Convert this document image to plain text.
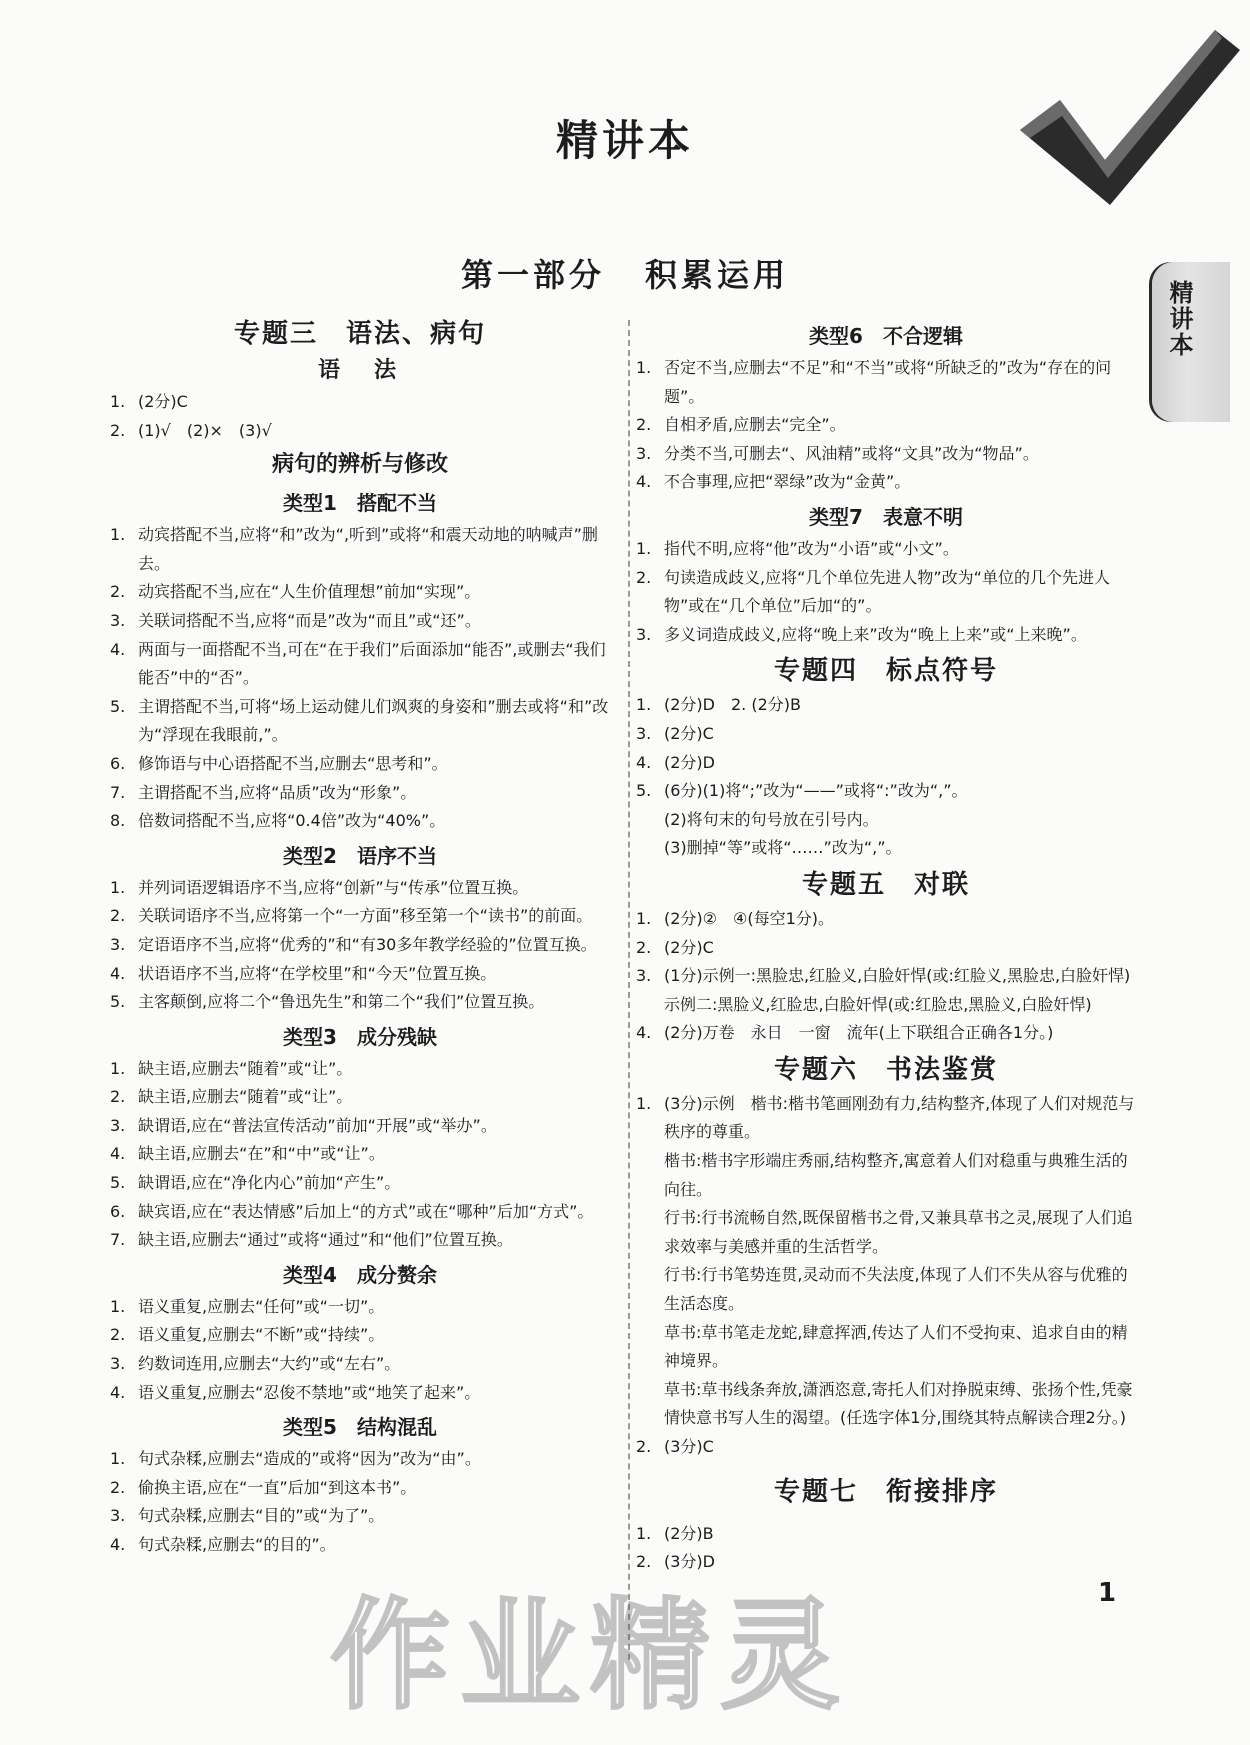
精讲本
第一部分 积累运用
精讲本
专题三　语法、病句
语　法
1. (2分)C
2. (1)√　(2)×　(3)√
病句的辨析与修改
类型1　搭配不当
1. 动宾搭配不当,应将“和”改为“,听到”或将“和震天动地的呐喊声”删去。
2. 动宾搭配不当,应在“人生价值理想”前加“实现”。
3. 关联词搭配不当,应将“而是”改为“而且”或“还”。
4. 两面与一面搭配不当,可在“在于我们”后面添加“能否”,或删去“我们能否”中的“否”。
5. 主谓搭配不当,可将“场上运动健儿们飒爽的身姿和”删去或将“和”改为“浮现在我眼前,”。
6. 修饰语与中心语搭配不当,应删去“思考和”。
7. 主谓搭配不当,应将“品质”改为“形象”。
8. 倍数词搭配不当,应将“0.4倍”改为“40%”。
类型2　语序不当
1. 并列词语逻辑语序不当,应将“创新”与“传承”位置互换。
2. 关联词语序不当,应将第一个“一方面”移至第一个“读书”的前面。
3. 定语语序不当,应将“优秀的”和“有30多年教学经验的”位置互换。
4. 状语语序不当,应将“在学校里”和“今天”位置互换。
5. 主客颠倒,应将二个“鲁迅先生”和第二个“我们”位置互换。
类型3　成分残缺
1. 缺主语,应删去“随着”或“让”。
2. 缺主语,应删去“随着”或“让”。
3. 缺谓语,应在“普法宣传活动”前加“开展”或“举办”。
4. 缺主语,应删去“在”和“中”或“让”。
5. 缺谓语,应在“净化内心”前加“产生”。
6. 缺宾语,应在“表达情感”后加上“的方式”或在“哪种”后加“方式”。
7. 缺主语,应删去“通过”或将“通过”和“他们”位置互换。
类型4　成分赘余
1. 语义重复,应删去“任何”或“一切”。
2. 语义重复,应删去“不断”或“持续”。
3. 约数词连用,应删去“大约”或“左右”。
4. 语义重复,应删去“忍俊不禁地”或“地笑了起来”。
类型5　结构混乱
1. 句式杂糅,应删去“造成的”或将“因为”改为“由”。
2. 偷换主语,应在“一直”后加“到这本书”。
3. 句式杂糅,应删去“目的”或“为了”。
4. 句式杂糅,应删去“的目的”。
类型6　不合逻辑
1. 否定不当,应删去“不足”和“不当”或将“所缺乏的”改为“存在的问题”。
2. 自相矛盾,应删去“完全”。
3. 分类不当,可删去“、风油精”或将“文具”改为“物品”。
4. 不合事理,应把“翠绿”改为“金黄”。
类型7　表意不明
1. 指代不明,应将“他”改为“小语”或“小文”。
2. 句读造成歧义,应将“几个单位先进人物”改为“单位的几个先进人物”或在“几个单位”后加“的”。
3. 多义词造成歧义,应将“晚上来”改为“晚上上来”或“上来晚”。
专题四　标点符号
1. (2分)D　2. (2分)B
3. (2分)C
4. (2分)D
5. (6分)(1)将“;”改为“——”或将“:”改为“,”。
(2)将句末的句号放在引号内。
(3)删掉“等”或将“……”改为“,”。
专题五　对联
1. (2分)②　④(每空1分)。
2. (2分)C
3. (1分)示例一:黑脸忠,红脸义,白脸奸悍(或:红脸义,黑脸忠,白脸奸悍)
示例二:黑脸义,红脸忠,白脸奸悍(或:红脸忠,黑脸义,白脸奸悍)
4. (2分)万卷　永日　一窗　流年(上下联组合正确各1分。)
专题六　书法鉴赏
1. (3分)示例　楷书:楷书笔画刚劲有力,结构整齐,体现了人们对规范与秩序的尊重。
楷书:楷书字形端庄秀丽,结构整齐,寓意着人们对稳重与典雅生活的向往。
行书:行书流畅自然,既保留楷书之骨,又兼具草书之灵,展现了人们追求效率与美感并重的生活哲学。
行书:行书笔势连贯,灵动而不失法度,体现了人们不失从容与优雅的生活态度。
草书:草书笔走龙蛇,肆意挥洒,传达了人们不受拘束、追求自由的精神境界。
草书:草书线条奔放,潇洒恣意,寄托人们对挣脱束缚、张扬个性,凭豪情快意书写人生的渴望。(任选字体1分,围绕其特点解读合理2分。)
2. (3分)C
专题七　衔接排序
1. (2分)B
2. (3分)D
1
作业精灵
